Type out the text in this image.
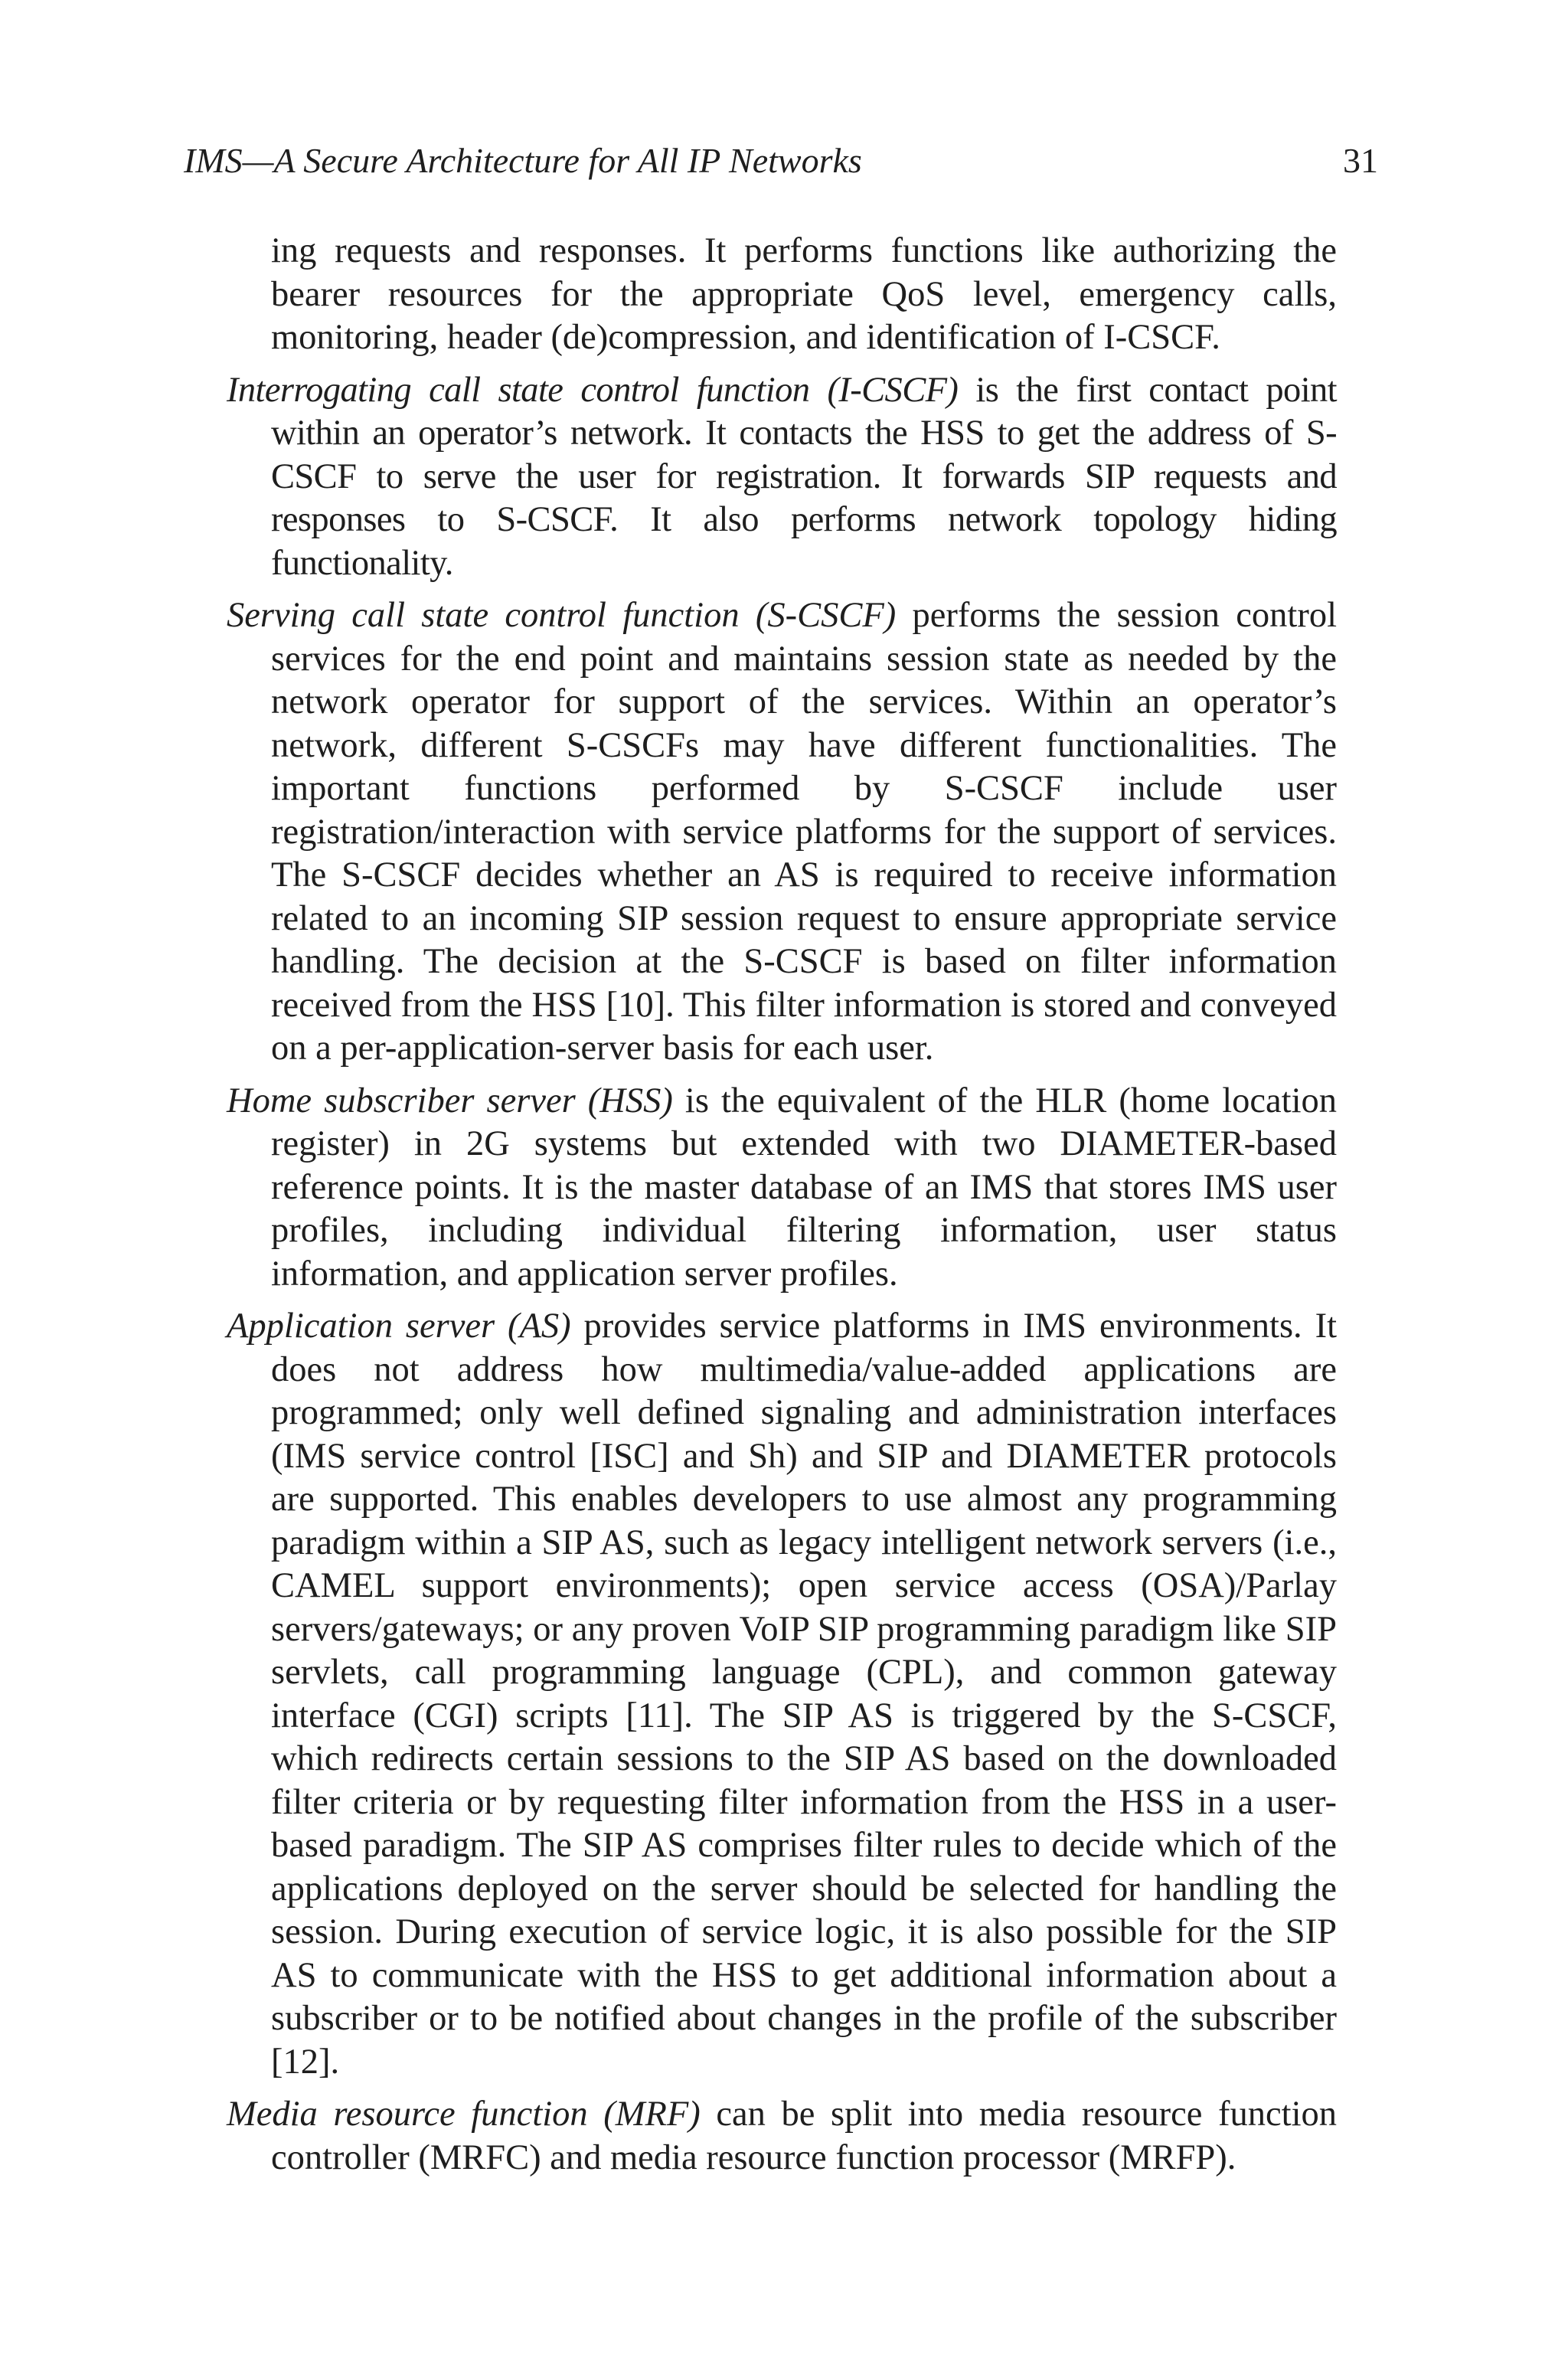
IMS—A Secure Architecture for All IP Networks	31

ing requests and responses. It performs functions like authorizing the bearer resources for the appropriate QoS level, emergency calls, monitoring, header (de)compression, and identification of I-CSCF.

Interrogating call state control function (I-CSCF) is the first contact point within an operator’s network. It contacts the HSS to get the address of S-CSCF to serve the user for registration. It forwards SIP requests and responses to S-CSCF. It also performs network topology hiding functionality.

Serving call state control function (S-CSCF) performs the session control services for the end point and maintains session state as needed by the network operator for support of the services. Within an operator’s network, different S-CSCFs may have different functionalities. The important functions performed by S-CSCF include user registration/interaction with service platforms for the support of services. The S-CSCF decides whether an AS is required to receive information related to an incoming SIP session request to ensure appropriate service handling. The decision at the S-CSCF is based on filter information received from the HSS [10]. This filter information is stored and conveyed on a per-application-server basis for each user.

Home subscriber server (HSS) is the equivalent of the HLR (home location register) in 2G systems but extended with two DIAMETER-based reference points. It is the master database of an IMS that stores IMS user profiles, including individual filtering information, user status information, and application server profiles.

Application server (AS) provides service platforms in IMS environments. It does not address how multimedia/value-added applications are programmed; only well defined signaling and administration interfaces (IMS service control [ISC] and Sh) and SIP and DIAMETER protocols are supported. This enables developers to use almost any programming paradigm within a SIP AS, such as legacy intelligent network servers (i.e., CAMEL support environments); open service access (OSA)/Parlay servers/gateways; or any proven VoIP SIP programming paradigm like SIP servlets, call programming language (CPL), and common gateway interface (CGI) scripts [11]. The SIP AS is triggered by the S-CSCF, which redirects certain sessions to the SIP AS based on the downloaded filter criteria or by requesting filter information from the HSS in a user-based paradigm. The SIP AS comprises filter rules to decide which of the applications deployed on the server should be selected for handling the session. During execution of service logic, it is also possible for the SIP AS to communicate with the HSS to get additional information about a subscriber or to be notified about changes in the profile of the subscriber [12].

Media resource function (MRF) can be split into media resource function controller (MRFC) and media resource function processor (MRFP).
